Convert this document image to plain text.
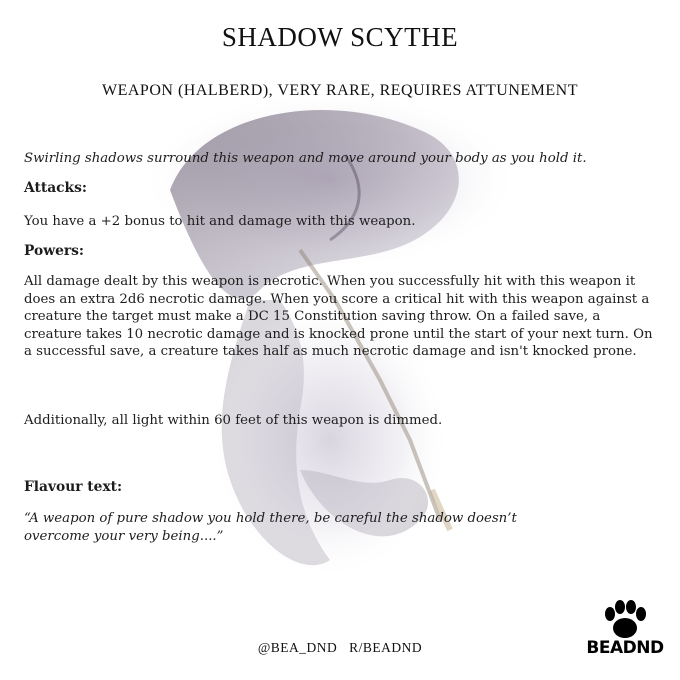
SHADOW SCYTHE
WEAPON (HALBERD), VERY RARE, REQUIRES ATTUNEMENT
Swirling shadows surround this weapon and move around your body as you hold it.
Attacks:
You have a +2 bonus to hit and damage with this weapon.
Powers:
All damage dealt by this weapon is necrotic. When you successfully hit with this weapon it does an extra 2d6 necrotic damage. When you score a critical hit with this weapon against a creature the target must make a DC 15 Constitution saving throw. On a failed save, a creature takes 10 necrotic damage and is knocked prone until the start of your next turn. On a successful save, a creature takes half as much necrotic damage and isn't knocked prone.
Additionally, all light within 60 feet of this weapon is dimmed.
Flavour text:
“A weapon of pure shadow you hold there, be careful the shadow doesn’t overcome your very being....”
@BEA_DND R/BEADND	BEADND
